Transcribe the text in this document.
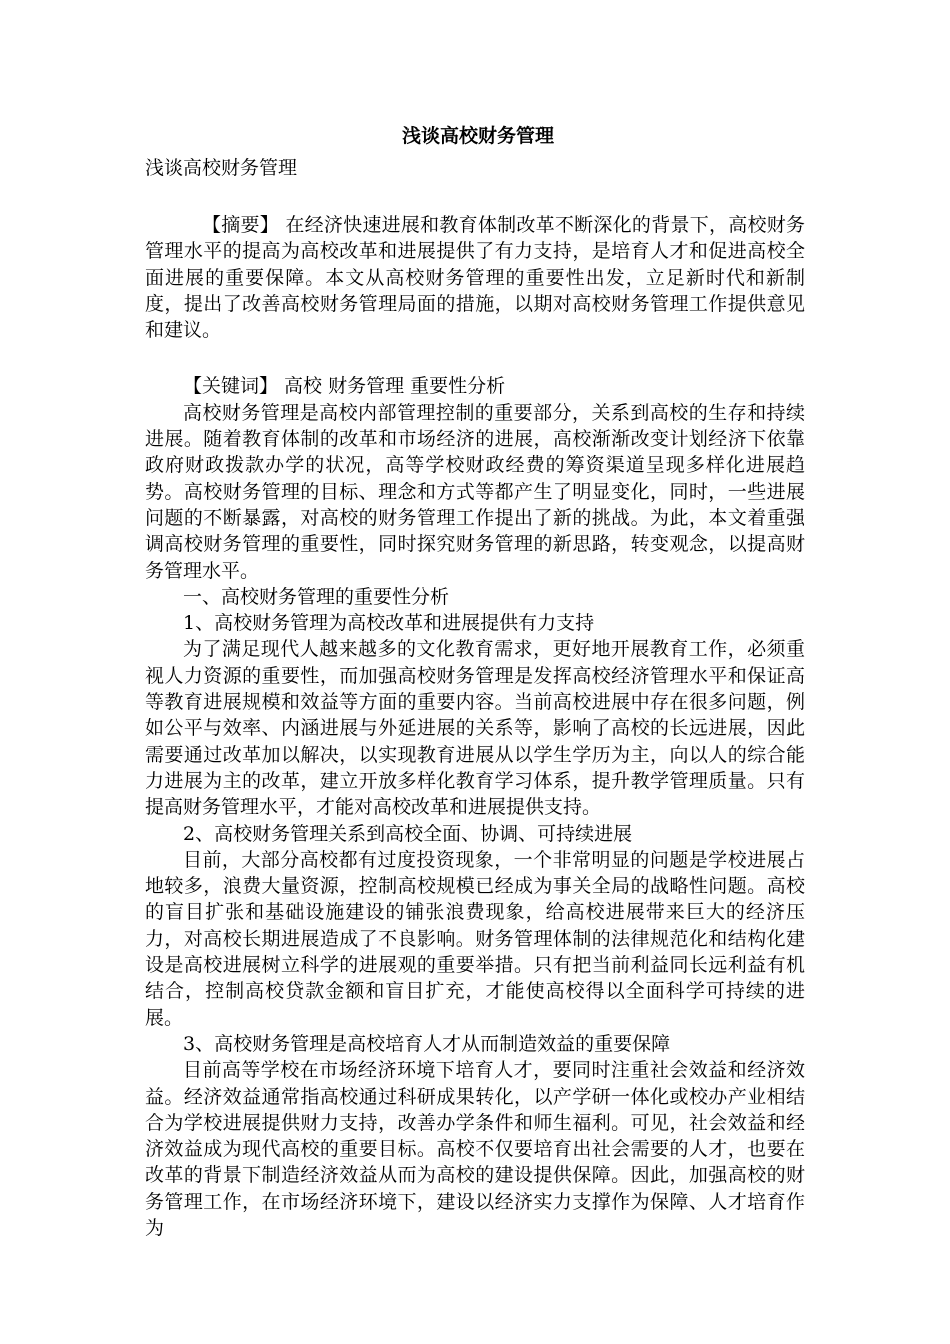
浅谈高校财务管理

浅谈高校财务管理

【摘要】 在经济快速进展和教育体制改革不断深化的背景下，高校财务管理水平的提高为高校改革和进展提供了有力支持，是培育人才和促进高校全面进展的重要保障。本文从高校财务管理的重要性出发，立足新时代和新制度，提出了改善高校财务管理局面的措施，以期对高校财务管理工作提供意见和建议。

【关键词】 高校 财务管理 重要性分析

高校财务管理是高校内部管理控制的重要部分，关系到高校的生存和持续进展。随着教育体制的改革和市场经济的进展，高校渐渐改变计划经济下依靠政府财政拨款办学的状况，高等学校财政经费的筹资渠道呈现多样化进展趋势。高校财务管理的目标、理念和方式等都产生了明显变化，同时，一些进展问题的不断暴露，对高校的财务管理工作提出了新的挑战。为此，本文着重强调高校财务管理的重要性，同时探究财务管理的新思路，转变观念，以提高财务管理水平。

一、高校财务管理的重要性分析

1、高校财务管理为高校改革和进展提供有力支持

为了满足现代人越来越多的文化教育需求，更好地开展教育工作，必须重视人力资源的重要性，而加强高校财务管理是发挥高校经济管理水平和保证高等教育进展规模和效益等方面的重要内容。当前高校进展中存在很多问题，例如公平与效率、内涵进展与外延进展的关系等，影响了高校的长远进展，因此需要通过改革加以解决，以实现教育进展从以学生学历为主，向以人的综合能力进展为主的改革，建立开放多样化教育学习体系，提升教学管理质量。只有提高财务管理水平，才能对高校改革和进展提供支持。

2、高校财务管理关系到高校全面、协调、可持续进展

目前，大部分高校都有过度投资现象，一个非常明显的问题是学校进展占地较多，浪费大量资源，控制高校规模已经成为事关全局的战略性问题。高校的盲目扩张和基础设施建设的铺张浪费现象，给高校进展带来巨大的经济压力，对高校长期进展造成了不良影响。财务管理体制的法律规范化和结构化建设是高校进展树立科学的进展观的重要举措。只有把当前利益同长远利益有机结合，控制高校贷款金额和盲目扩充，才能使高校得以全面科学可持续的进展。

3、高校财务管理是高校培育人才从而制造效益的重要保障

目前高等学校在市场经济环境下培育人才，要同时注重社会效益和经济效益。经济效益通常指高校通过科研成果转化，以产学研一体化或校办产业相结合为学校进展提供财力支持，改善办学条件和师生福利。可见，社会效益和经济效益成为现代高校的重要目标。高校不仅要培育出社会需要的人才，也要在改革的背景下制造经济效益从而为高校的建设提供保障。因此，加强高校的财务管理工作，在市场经济环境下，建设以经济实力支撑作为保障、人才培育作为
